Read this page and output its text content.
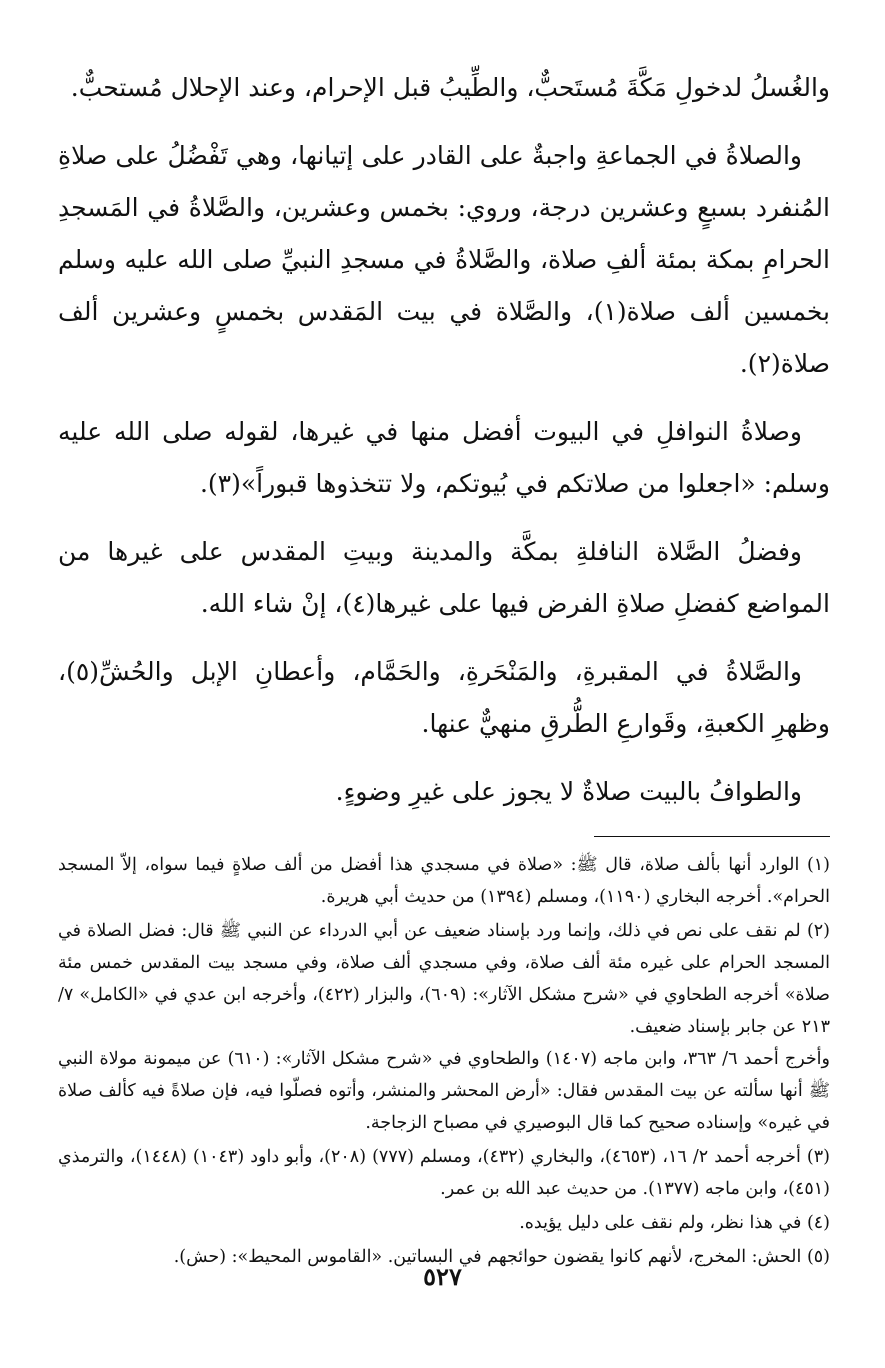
والغُسلُ لدخولِ مَكَّةَ مُستَحبٌّ، والطِّيبُ قبل الإحرام، وعند الإحلال مُستحبٌّ.

والصلاةُ في الجماعةِ واجبةٌ على القادر على إتيانها، وهي تَفْضُلُ على صلاةِ المُنفرد بسبعٍ وعشرين درجة، وروي: بخمس وعشرين، والصَّلاةُ في المَسجدِ الحرامِ بمكة بمئة ألفِ صلاة، والصَّلاةُ في مسجدِ النبيِّ صلى الله عليه وسلم بخمسين ألف صلاة(١)، والصَّلاة في بيت المَقدس بخمسٍ وعشرين ألف صلاة(٢).

وصلاةُ النوافلِ في البيوت أفضل منها في غيرها، لقوله صلى الله عليه وسلم: «اجعلوا من صلاتكم في بُيوتكم، ولا تتخذوها قبوراً»(٣).

وفضلُ الصَّلاة النافلةِ بمكَّة والمدينة وبيتِ المقدس على غيرها من المواضع كفضلِ صلاةِ الفرض فيها على غيرها(٤)، إنْ شاء الله.

والصَّلاةُ في المقبرةِ، والمَنْحَرةِ، والحَمَّام، وأعطانِ الإبل والحُشِّ(٥)، وظهرِ الكعبةِ، وقَوارعِ الطُّرقِ منهيٌّ عنها.

والطوافُ بالبيت صلاةٌ لا يجوز على غيرِ وضوءٍ.

(١) الوارد أنها بألف صلاة، قال ﷺ: «صلاة في مسجدي هذا أفضل من ألف صلاةٍ فيما سواه، إلاّ المسجد الحرام». أخرجه البخاري (١١٩٠)، ومسلم (١٣٩٤) من حديث أبي هريرة.
(٢) لم نقف على نص في ذلك، وإنما ورد بإسناد ضعيف عن أبي الدرداء عن النبي ﷺ قال: فضل الصلاة في المسجد الحرام على غيره مئة ألف صلاة، وفي مسجدي ألف صلاة، وفي مسجد بيت المقدس خمس مئة صلاة» أخرجه الطحاوي في «شرح مشكل الآثار»: (٦٠٩)، والبزار (٤٢٢)، وأخرجه ابن عدي في «الكامل» ٧/ ٢١٣ عن جابر بإسناد ضعيف.

وأخرج أحمد ٦/ ٣٦٣، وابن ماجه (١٤٠٧) والطحاوي في «شرح مشكل الآثار»: (٦١٠) عن ميمونة مولاة النبي ﷺ أنها سألته عن بيت المقدس فقال: «أرض المحشر والمنشر، وأتوه فصلّوا فيه، فإن صلاةً فيه كألف صلاة في غيره» وإسناده صحيح كما قال البوصيري في مصباح الزجاجة.

(٣) أخرجه أحمد ٢/ ١٦، (٤٦٥٣)، والبخاري (٤٣٢)، ومسلم (٧٧٧) (٢٠٨)، وأبو داود (١٠٤٣) (١٤٤٨)، والترمذي (٤٥١)، وابن ماجه (١٣٧٧). من حديث عبد الله بن عمر.
(٤) في هذا نظر، ولم نقف على دليل يؤيده.
(٥) الحش: المخرج، لأنهم كانوا يقضون حوائجهم في البساتين. «القاموس المحيط»: (حش).
٥٢٧
